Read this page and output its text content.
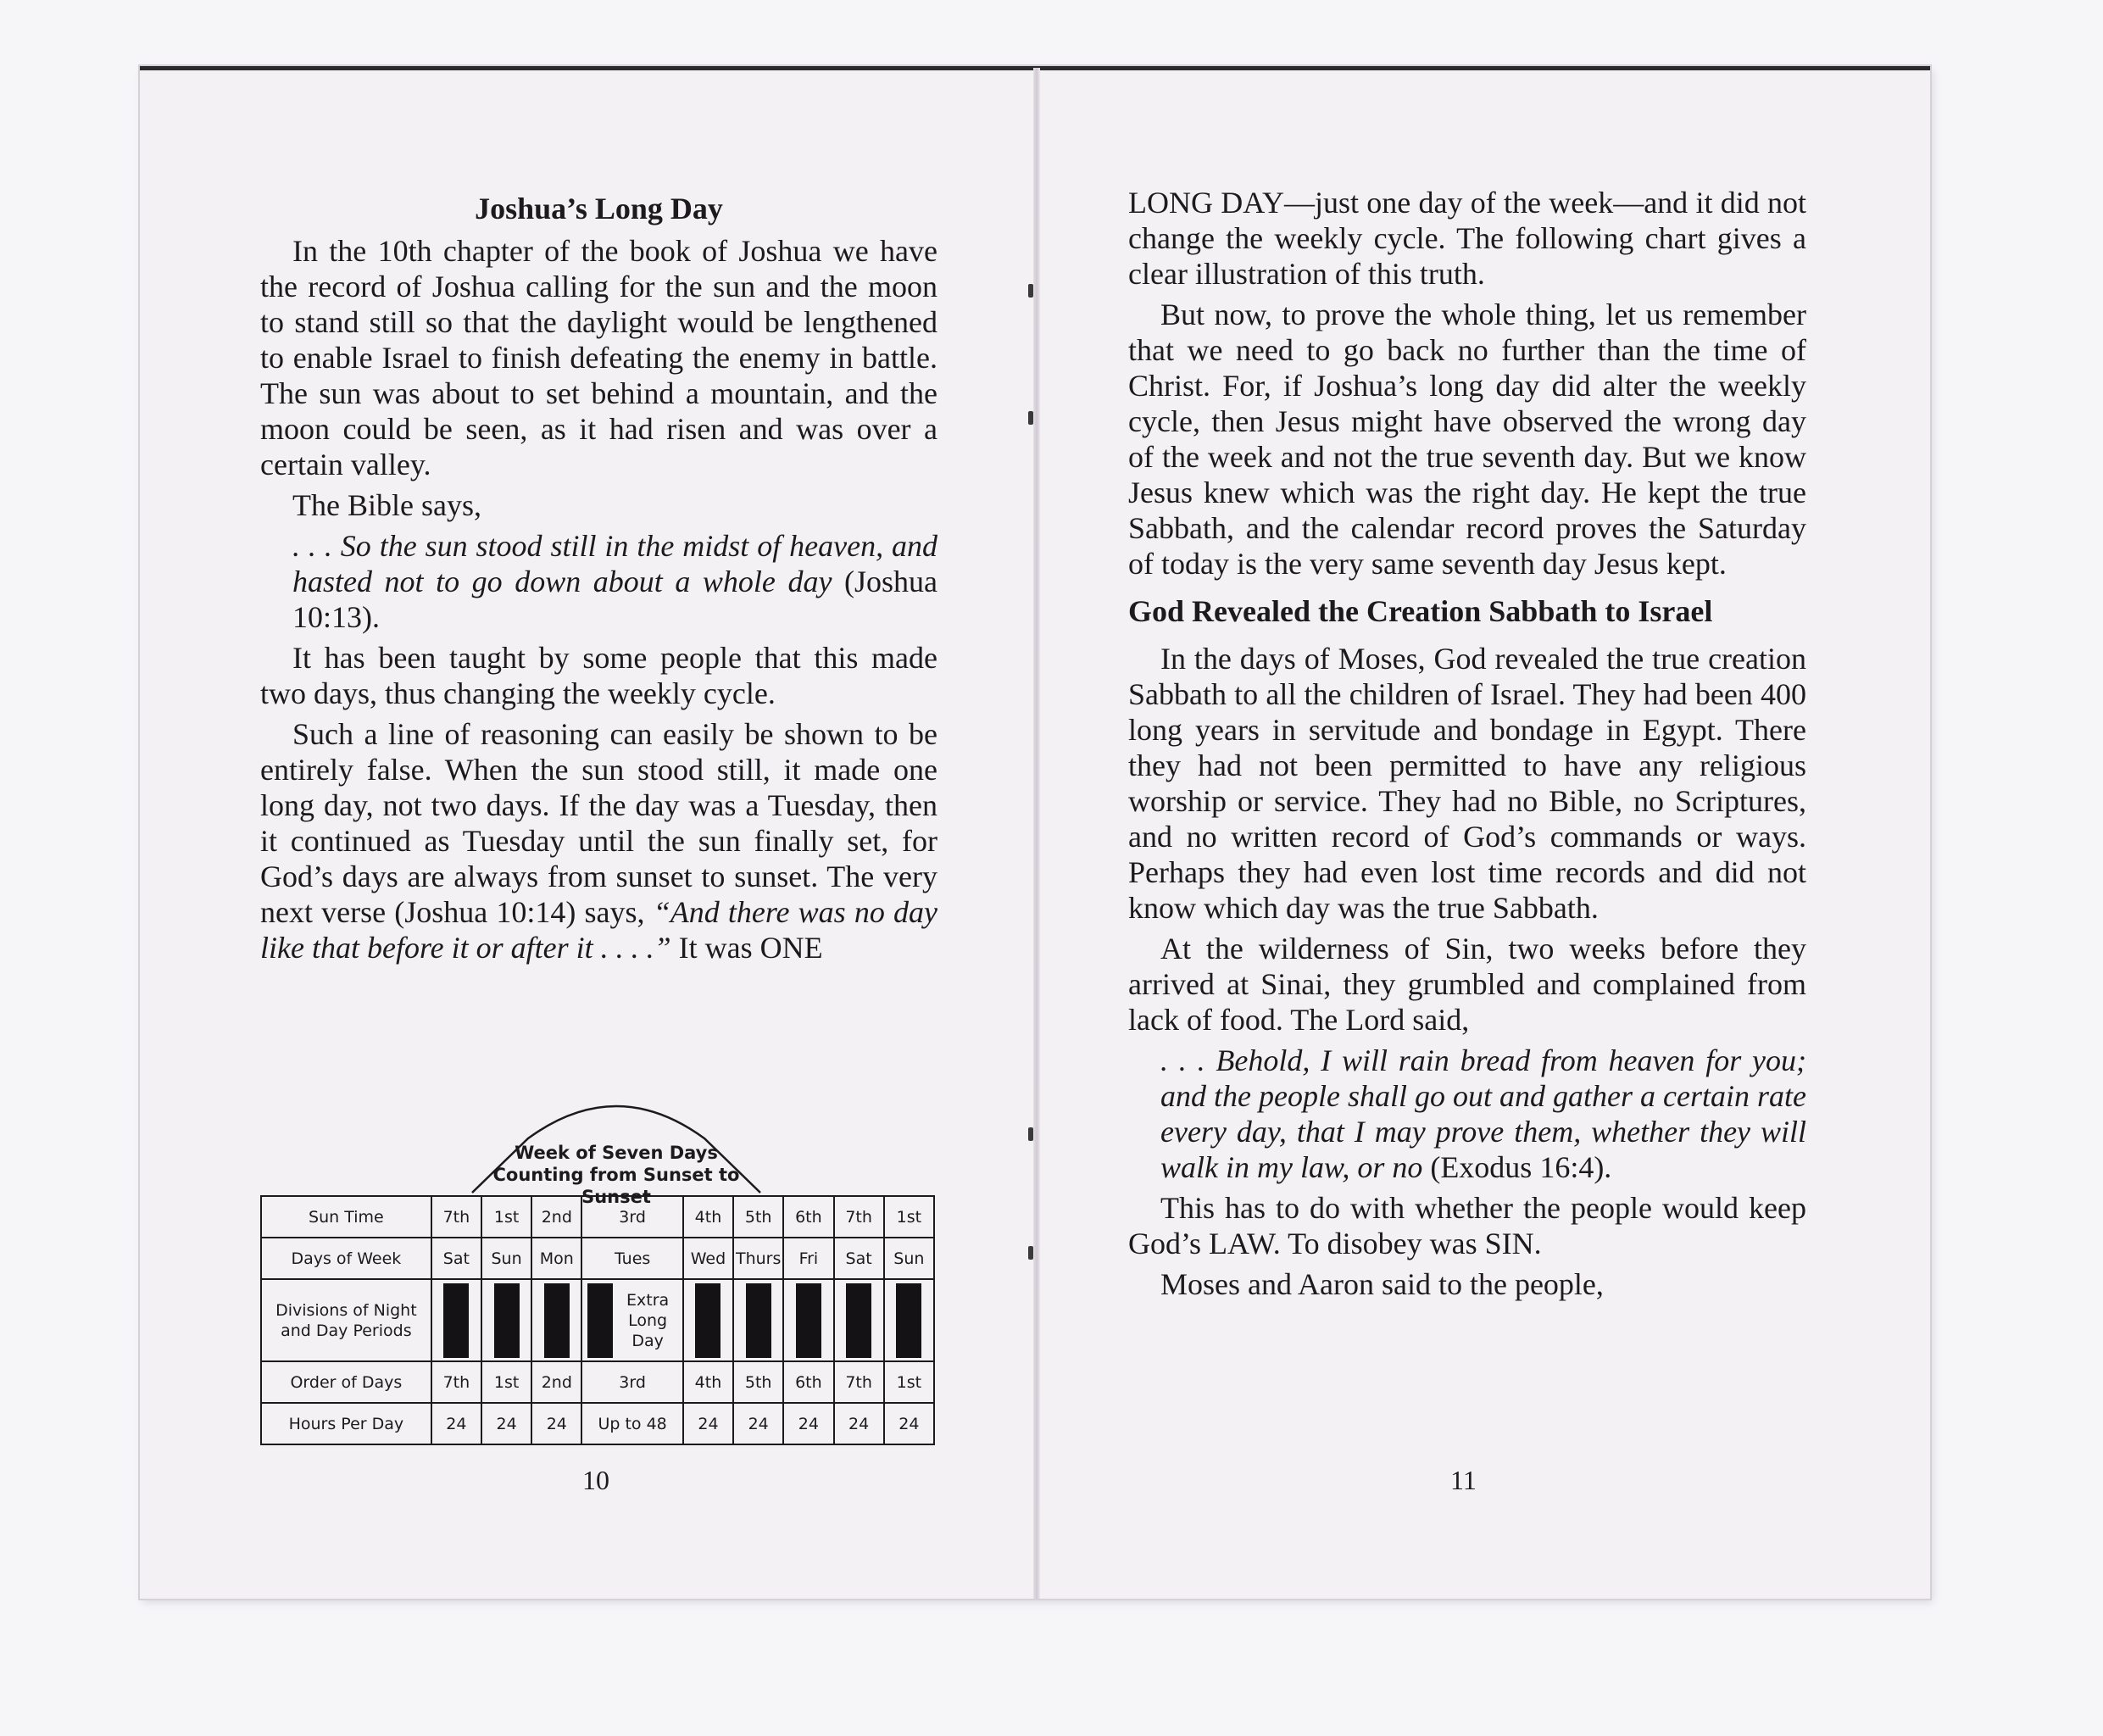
Joshua’s Long Day

In the 10th chapter of the book of Joshua we have the record of Joshua calling for the sun and the moon to stand still so that the daylight would be lengthened to enable Israel to finish defeating the enemy in battle. The sun was about to set behind a mountain, and the moon could be seen, as it had risen and was over a certain valley.

The Bible says,

. . . So the sun stood still in the midst of heaven, and hasted not to go down about a whole day (Joshua 10:13).

It has been taught by some people that this made two days, thus changing the weekly cycle.

Such a line of reasoning can easily be shown to be entirely false. When the sun stood still, it made one long day, not two days. If the day was a Tuesday, then it continued as Tuesday until the sun finally set, for God’s days are always from sunset to sunset. The very next verse (Joshua 10:14) says, “And there was no day like that before it or after it . . . .” It was ONE

Week of Seven Days
Counting from Sunset to Sunset
Sun Time	7th	1st	2nd	3rd	4th	5th	6th	7th	1st
Days of Week	Sat	Sun	Mon	Tues	Wed	Thurs	Fri	Sat	Sun
Divisions of Night and Day Periods				Extra Long Day					

Order of Days	7th	1st	2nd	3rd	4th	5th	6th	7th	1st
Hours Per Day	24	24	24	Up to 48	24	24	24	24	24
10

LONG DAY—just one day of the week—and it did not change the weekly cycle. The following chart gives a clear illustration of this truth.

But now, to prove the whole thing, let us remember that we need to go back no further than the time of Christ. For, if Joshua’s long day did alter the weekly cycle, then Jesus might have observed the wrong day of the week and not the true seventh day. But we know Jesus knew which was the right day. He kept the true Sabbath, and the calendar record proves the Saturday of today is the very same seventh day Jesus kept.

God Revealed the Creation Sabbath to Israel

In the days of Moses, God revealed the true creation Sabbath to all the children of Israel. They had been 400 long years in servitude and bondage in Egypt. There they had not been permitted to have any religious worship or service. They had no Bible, no Scriptures, and no written record of God’s commands or ways. Perhaps they had even lost time records and did not know which day was the true Sabbath.

At the wilderness of Sin, two weeks before they arrived at Sinai, they grumbled and complained from lack of food. The Lord said,

. . . Behold, I will rain bread from heaven for you; and the people shall go out and gather a certain rate every day, that I may prove them, whether they will walk in my law, or no (Exodus 16:4).

This has to do with whether the people would keep God’s LAW. To disobey was SIN.

Moses and Aaron said to the people,

11
